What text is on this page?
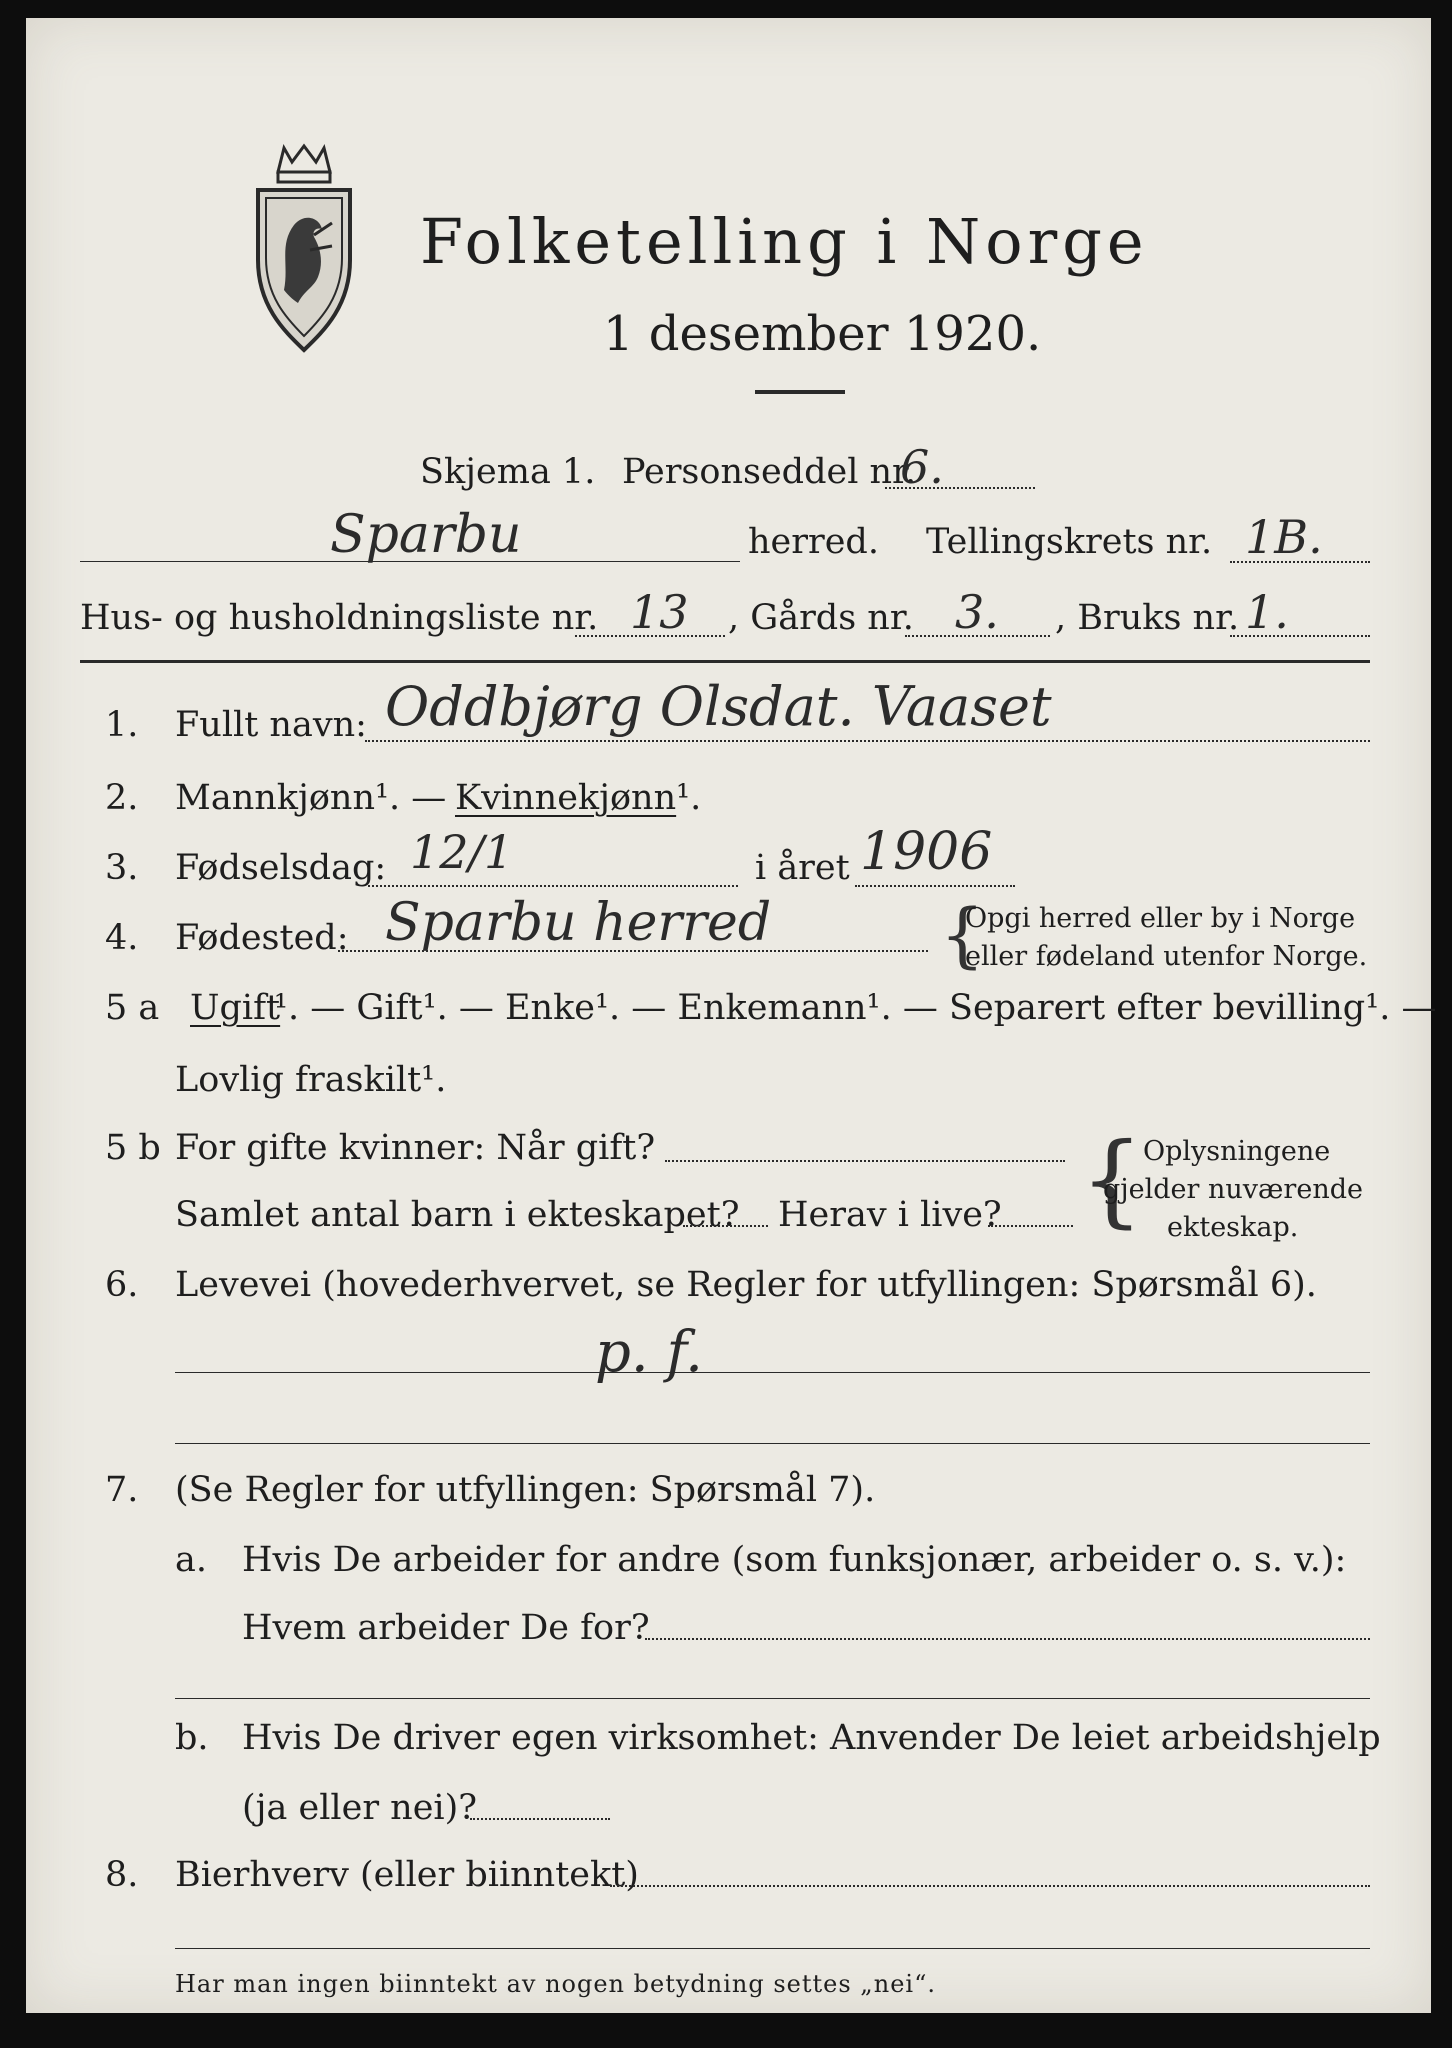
Folketelling i Norge
1 desember 1920.
Skjema 1. Personseddel nr.
6.
Sparbu	herred. Tellingskrets nr. 1B.
Hus- og husholdningsliste nr. 13 , Gårds nr. 3. , Bruks nr. 1.
1. Fullt navn: Oddbjørg Olsdat. Vaaset
2. Mannkjønn¹. — Kvinnekjønn¹.
3. Fødselsdag: 12/1	i året 1906
4. Fødested: Sparbu herred {
Opgi herred eller by i Norge
eller fødeland utenfor Norge.
5 a Ugift
¹. — Gift¹. — Enke¹. — Enkemann¹. — Separert efter bevilling¹. —
Lovlig fraskilt¹.
5 b For gifte kvinner: Når gift?
Samlet antal barn i ekteskapet? Herav i live? { Oplysningene
gjelder nuværende
ekteskap.
6. Levevei (hovederhvervet, se Regler for utfyllingen: Spørsmål 6).
p. f.
7. (Se Regler for utfyllingen: Spørsmål 7).
a. Hvis De arbeider for andre (som funksjonær, arbeider o. s. v.):
Hvem arbeider De for?
b. Hvis De driver egen virksomhet: Anvender De leiet arbeidshjelp
(ja eller nei)?
8. Bierhverv (eller biinntekt)
Har man ingen biinntekt av nogen betydning settes „nei“.
